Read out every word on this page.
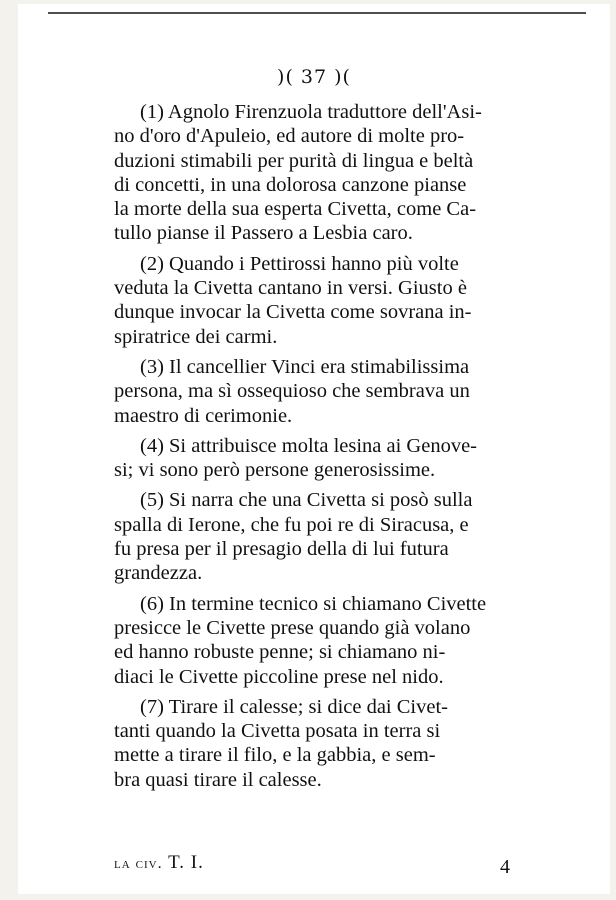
)( 37 )(

(1) Agnolo Firenzuola traduttore dell'Asi-
no d'oro d'Apuleio, ed autore di molte pro-
duzioni stimabili per purità di lingua e beltà
di concetti, in una dolorosa canzone pianse
la morte della sua esperta Civetta, come Ca-
tullo pianse il Passero a Lesbia caro.

(2) Quando i Pettirossi hanno più volte
veduta la Civetta cantano in versi. Giusto è
dunque invocar la Civetta come sovrana in-
spiratrice dei carmi.

(3) Il cancellier Vinci era stimabilissima
persona, ma sì ossequioso che sembrava un
maestro di cerimonie.

(4) Si attribuisce molta lesina ai Genove-
si; vi sono però persone generosissime.

(5) Si narra che una Civetta si posò sulla
spalla di Ierone, che fu poi re di Siracusa, e
fu presa per il presagio della di lui futura
grandezza.

(6) In termine tecnico si chiamano Civette
presicce le Civette prese quando già volano
ed hanno robuste penne; si chiamano ni-
diaci le Civette piccoline prese nel nido.

(7) Tirare il calesse; si dice dai Civet-
tanti quando la Civetta posata in terra si
mette a tirare il filo, e la gabbia, e sem-
bra quasi tirare il calesse.

la civ. T. I.	4
